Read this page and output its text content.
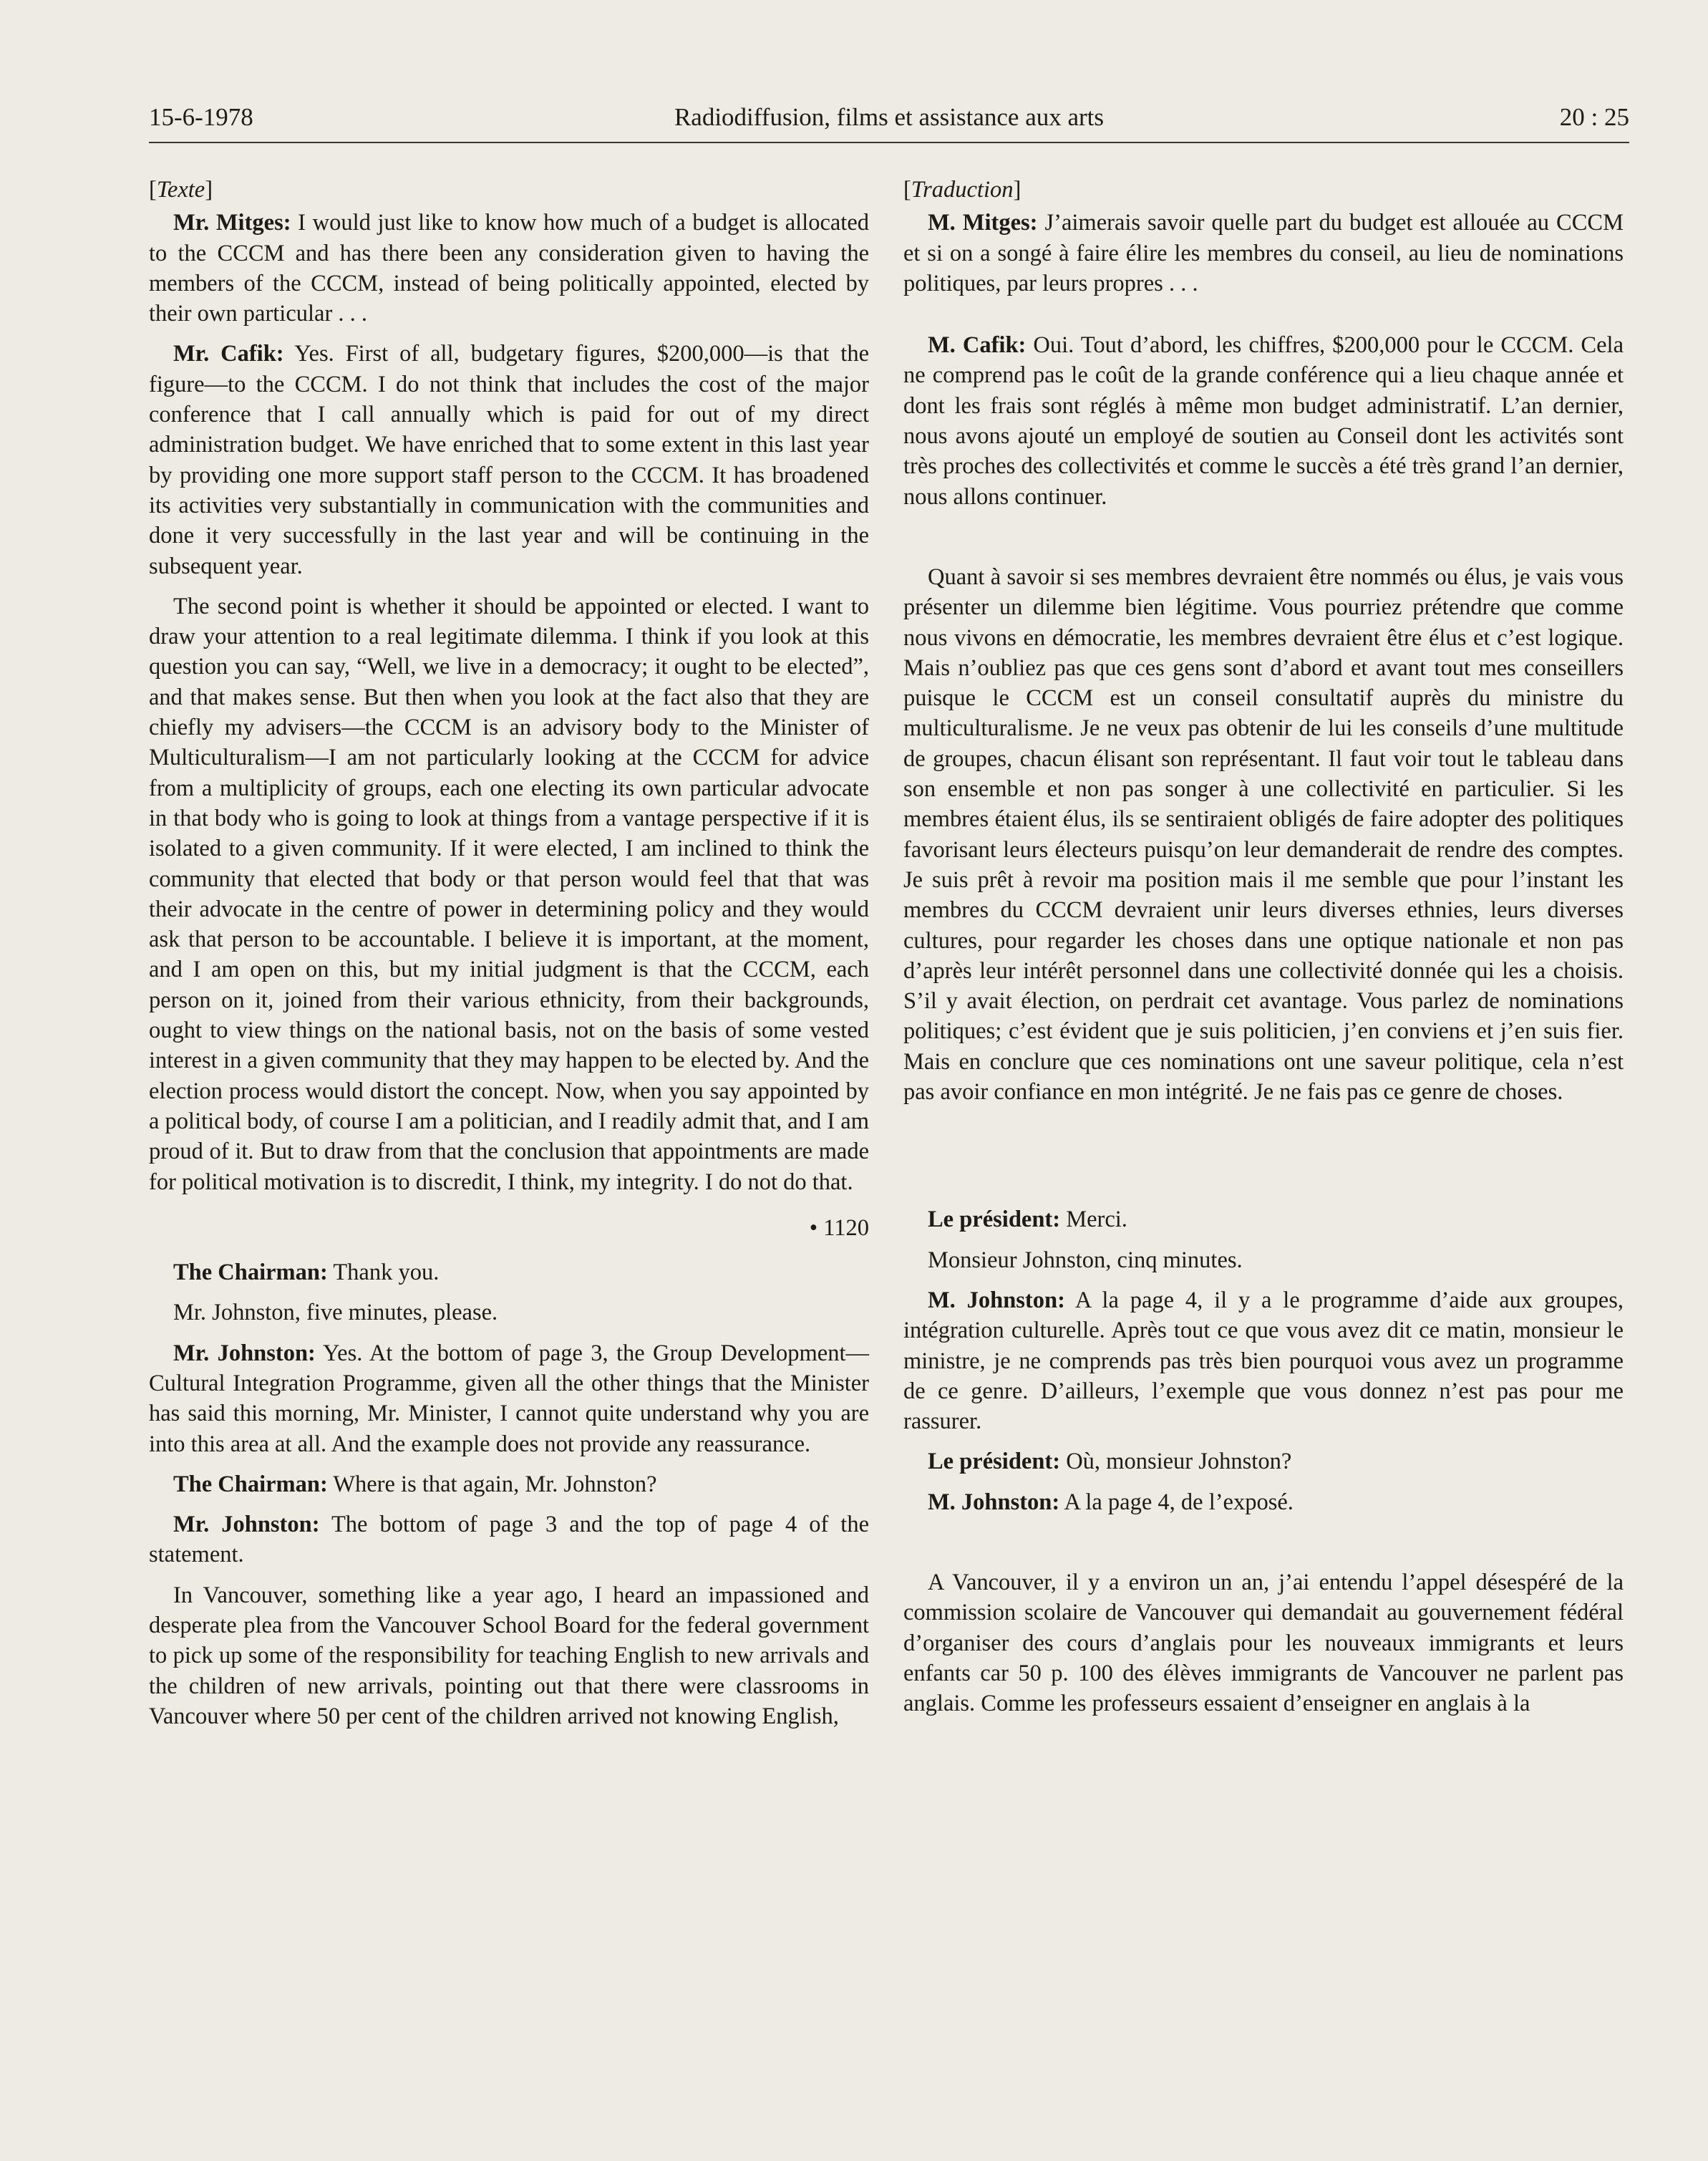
15-6-1978	Radiodiffusion, films et assistance aux arts	20 : 25

[Texte]

Mr. Mitges: I would just like to know how much of a budget is allocated to the CCCM and has there been any consideration given to having the members of the CCCM, instead of being politically appointed, elected by their own particular . . .

Mr. Cafik: Yes. First of all, budgetary figures, $200,000—is that the figure—to the CCCM. I do not think that includes the cost of the major conference that I call annually which is paid for out of my direct administration budget. We have enriched that to some extent in this last year by providing one more support staff person to the CCCM. It has broadened its activities very substantially in communication with the communities and done it very successfully in the last year and will be continuing in the subsequent year.

The second point is whether it should be appointed or elected. I want to draw your attention to a real legitimate dilemma. I think if you look at this question you can say, “Well, we live in a democracy; it ought to be elected”, and that makes sense. But then when you look at the fact also that they are chiefly my advisers—the CCCM is an advisory body to the Minister of Multiculturalism—I am not particularly looking at the CCCM for advice from a multiplicity of groups, each one electing its own particular advocate in that body who is going to look at things from a vantage perspective if it is isolated to a given community. If it were elected, I am inclined to think the community that elected that body or that person would feel that that was their advocate in the centre of power in determining policy and they would ask that person to be accountable. I believe it is important, at the moment, and I am open on this, but my initial judgment is that the CCCM, each person on it, joined from their various ethnicity, from their backgrounds, ought to view things on the national basis, not on the basis of some vested interest in a given community that they may happen to be elected by. And the election process would distort the concept. Now, when you say appointed by a political body, of course I am a politician, and I readily admit that, and I am proud of it. But to draw from that the conclusion that appointments are made for political motivation is to discredit, I think, my integrity. I do not do that.

• 1120

The Chairman: Thank you.

Mr. Johnston, five minutes, please.

Mr. Johnston: Yes. At the bottom of page 3, the Group Development—Cultural Integration Programme, given all the other things that the Minister has said this morning, Mr. Minister, I cannot quite understand why you are into this area at all. And the example does not provide any reassurance.

The Chairman: Where is that again, Mr. Johnston?

Mr. Johnston: The bottom of page 3 and the top of page 4 of the statement.

In Vancouver, something like a year ago, I heard an impassioned and desperate plea from the Vancouver School Board for the federal government to pick up some of the responsibility for teaching English to new arrivals and the children of new arrivals, pointing out that there were classrooms in Vancouver where 50 per cent of the children arrived not knowing English,

[Traduction]

M. Mitges: J’aimerais savoir quelle part du budget est allouée au CCCM et si on a songé à faire élire les membres du conseil, au lieu de nominations politiques, par leurs propres . . .

M. Cafik: Oui. Tout d’abord, les chiffres, $200,000 pour le CCCM. Cela ne comprend pas le coût de la grande conférence qui a lieu chaque année et dont les frais sont réglés à même mon budget administratif. L’an dernier, nous avons ajouté un employé de soutien au Conseil dont les activités sont très proches des collectivités et comme le succès a été très grand l’an dernier, nous allons continuer.

Quant à savoir si ses membres devraient être nommés ou élus, je vais vous présenter un dilemme bien légitime. Vous pourriez prétendre que comme nous vivons en démocratie, les membres devraient être élus et c’est logique. Mais n’oubliez pas que ces gens sont d’abord et avant tout mes conseillers puisque le CCCM est un conseil consultatif auprès du ministre du multiculturalisme. Je ne veux pas obtenir de lui les conseils d’une multitude de groupes, chacun élisant son représentant. Il faut voir tout le tableau dans son ensemble et non pas songer à une collectivité en particulier. Si les membres étaient élus, ils se sentiraient obligés de faire adopter des politiques favorisant leurs électeurs puisqu’on leur demanderait de rendre des comptes. Je suis prêt à revoir ma position mais il me semble que pour l’instant les membres du CCCM devraient unir leurs diverses ethnies, leurs diverses cultures, pour regarder les choses dans une optique nationale et non pas d’après leur intérêt personnel dans une collectivité donnée qui les a choisis. S’il y avait élection, on perdrait cet avantage. Vous parlez de nominations politiques; c’est évident que je suis politicien, j’en conviens et j’en suis fier. Mais en conclure que ces nominations ont une saveur politique, cela n’est pas avoir confiance en mon intégrité. Je ne fais pas ce genre de choses.

Le président: Merci.

Monsieur Johnston, cinq minutes.

M. Johnston: A la page 4, il y a le programme d’aide aux groupes, intégration culturelle. Après tout ce que vous avez dit ce matin, monsieur le ministre, je ne comprends pas très bien pourquoi vous avez un programme de ce genre. D’ailleurs, l’exemple que vous donnez n’est pas pour me rassurer.

Le président: Où, monsieur Johnston?

M. Johnston: A la page 4, de l’exposé.

A Vancouver, il y a environ un an, j’ai entendu l’appel désespéré de la commission scolaire de Vancouver qui demandait au gouvernement fédéral d’organiser des cours d’anglais pour les nouveaux immigrants et leurs enfants car 50 p. 100 des élèves immigrants de Vancouver ne parlent pas anglais. Comme les professeurs essaient d’enseigner en anglais à la
